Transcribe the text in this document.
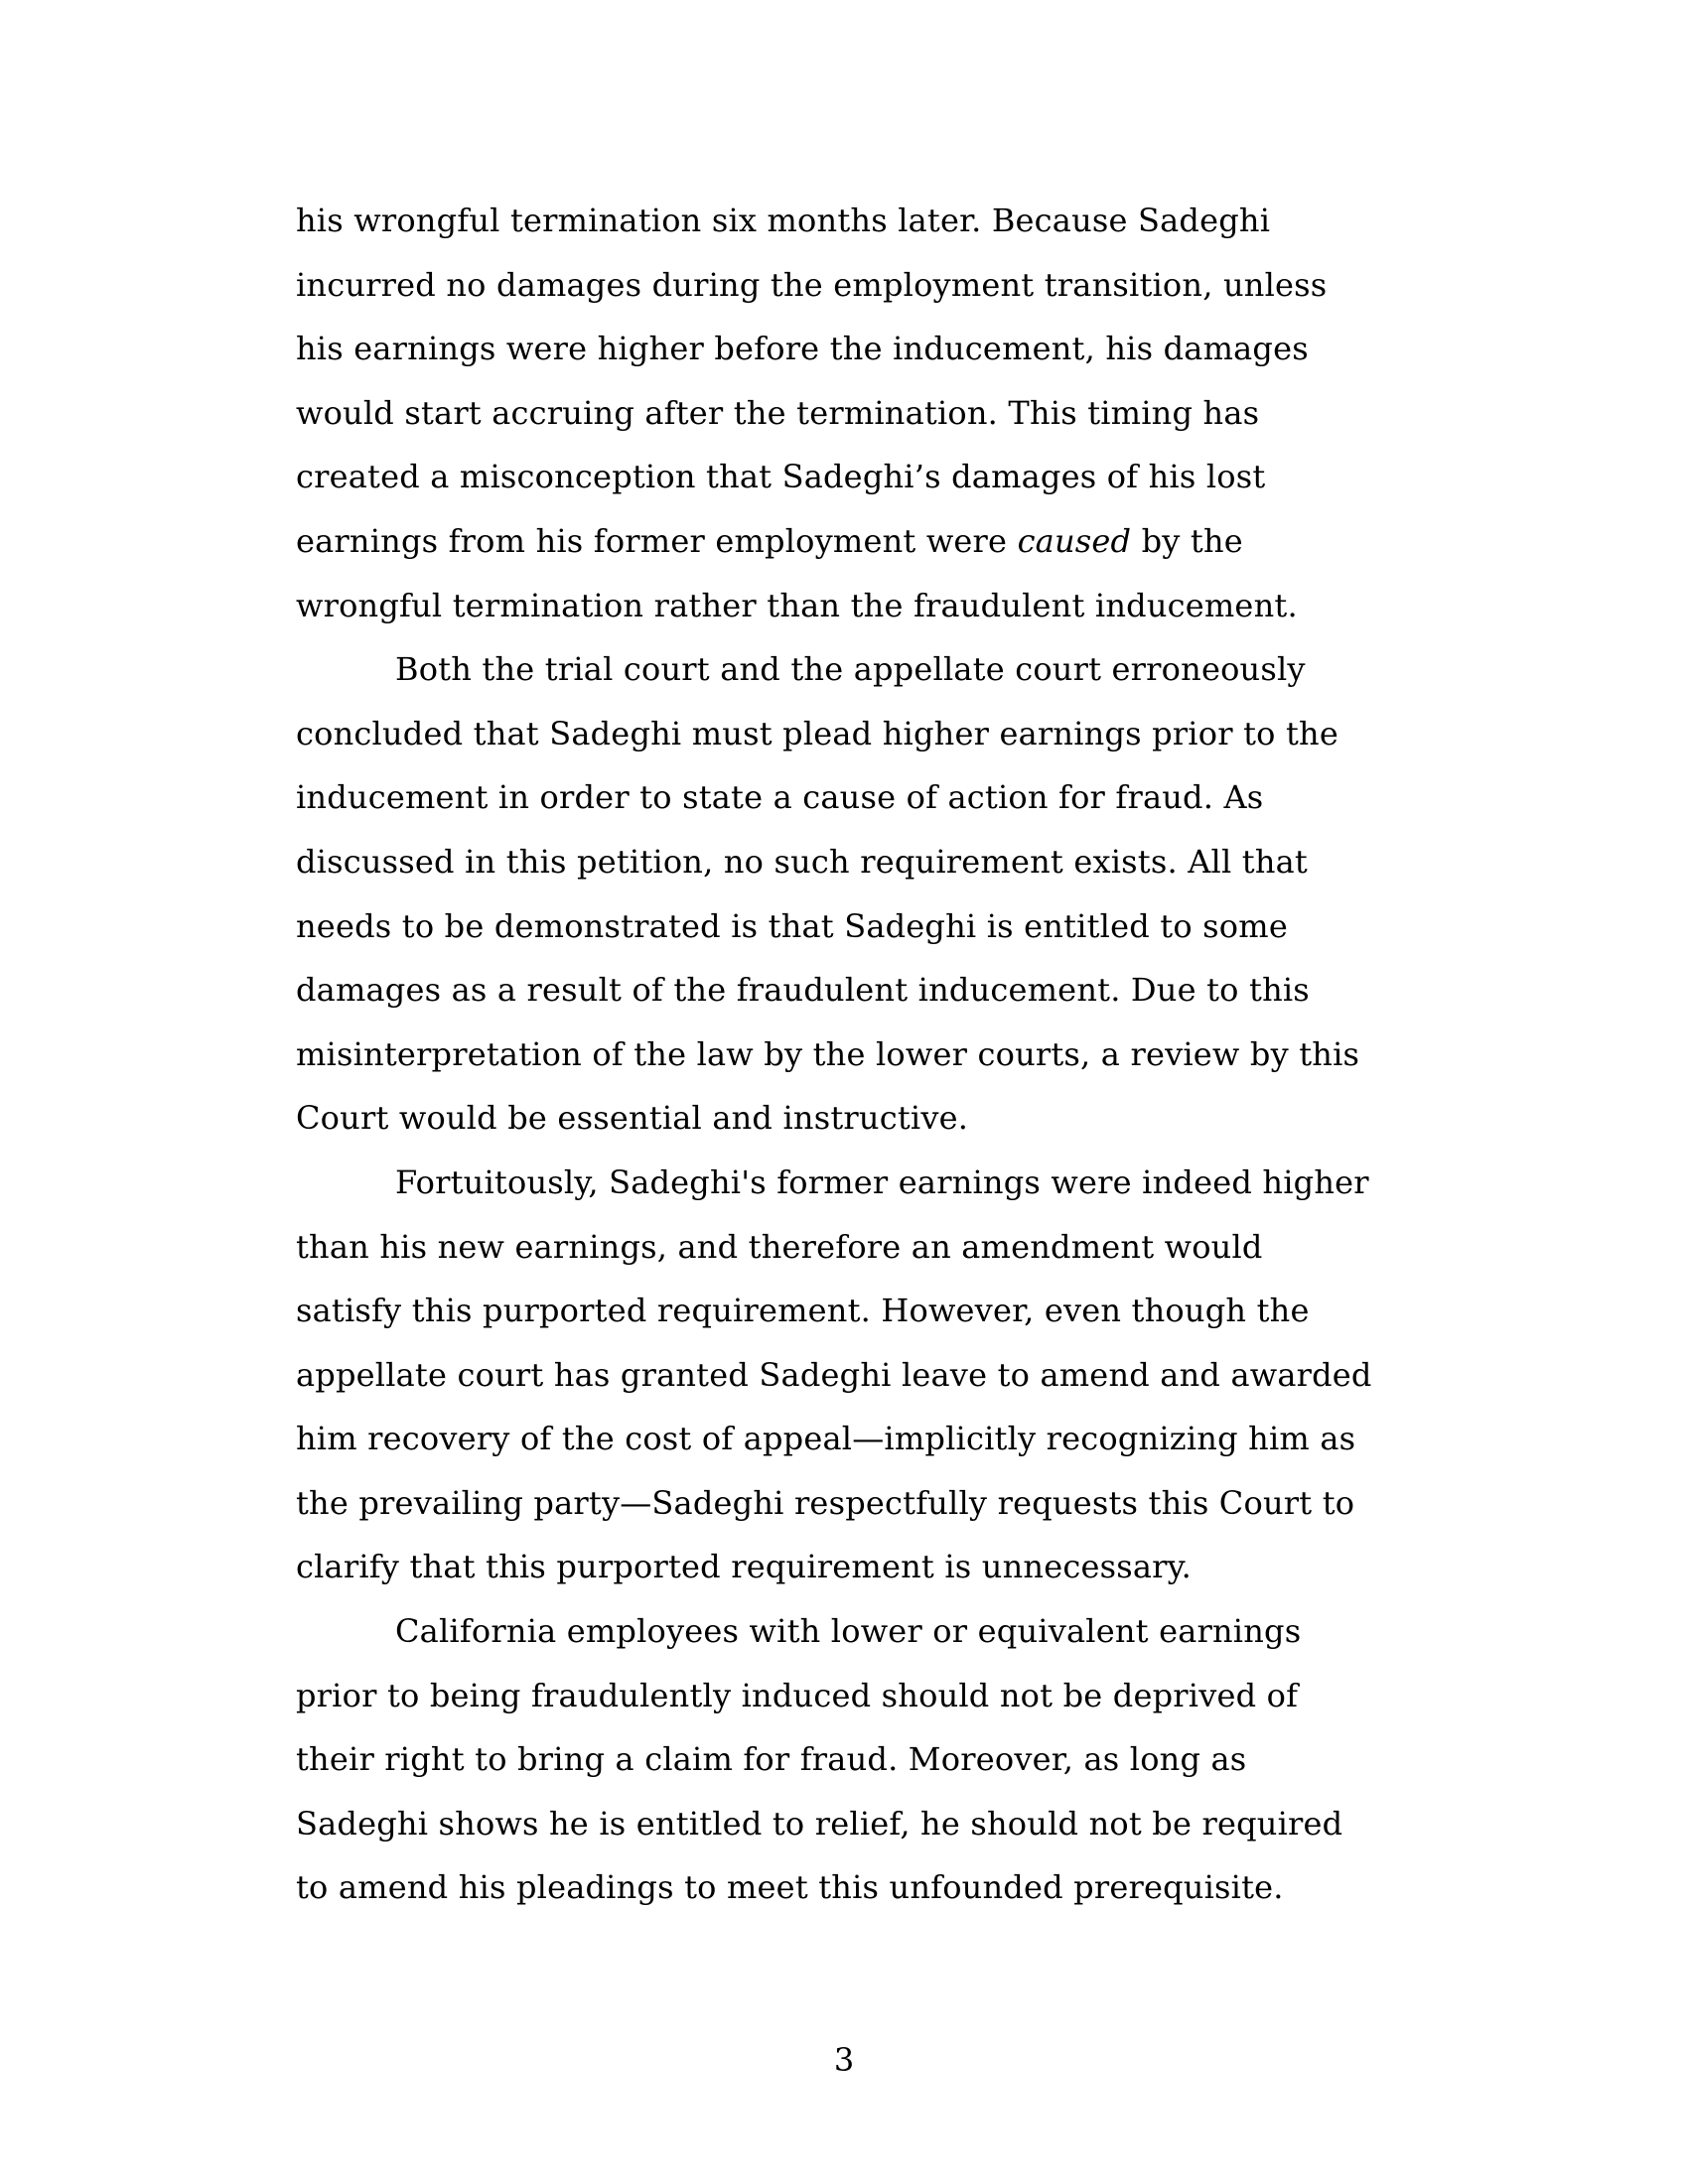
his wrongful termination six months later. Because Sadeghi
incurred no damages during the employment transition, unless
his earnings were higher before the inducement, his damages
would start accruing after the termination. This timing has
created a misconception that Sadeghi’s damages of his lost
earnings from his former employment were caused by the
wrongful termination rather than the fraudulent inducement.

Both the trial court and the appellate court erroneously
concluded that Sadeghi must plead higher earnings prior to the
inducement in order to state a cause of action for fraud. As
discussed in this petition, no such requirement exists. All that
needs to be demonstrated is that Sadeghi is entitled to some
damages as a result of the fraudulent inducement. Due to this
misinterpretation of the law by the lower courts, a review by this
Court would be essential and instructive.

Fortuitously, Sadeghi's former earnings were indeed higher
than his new earnings, and therefore an amendment would
satisfy this purported requirement. However, even though the
appellate court has granted Sadeghi leave to amend and awarded
him recovery of the cost of appeal—implicitly recognizing him as
the prevailing party—Sadeghi respectfully requests this Court to
clarify that this purported requirement is unnecessary.

California employees with lower or equivalent earnings
prior to being fraudulently induced should not be deprived of
their right to bring a claim for fraud. Moreover, as long as
Sadeghi shows he is entitled to relief, he should not be required
to amend his pleadings to meet this unfounded prerequisite.

3
